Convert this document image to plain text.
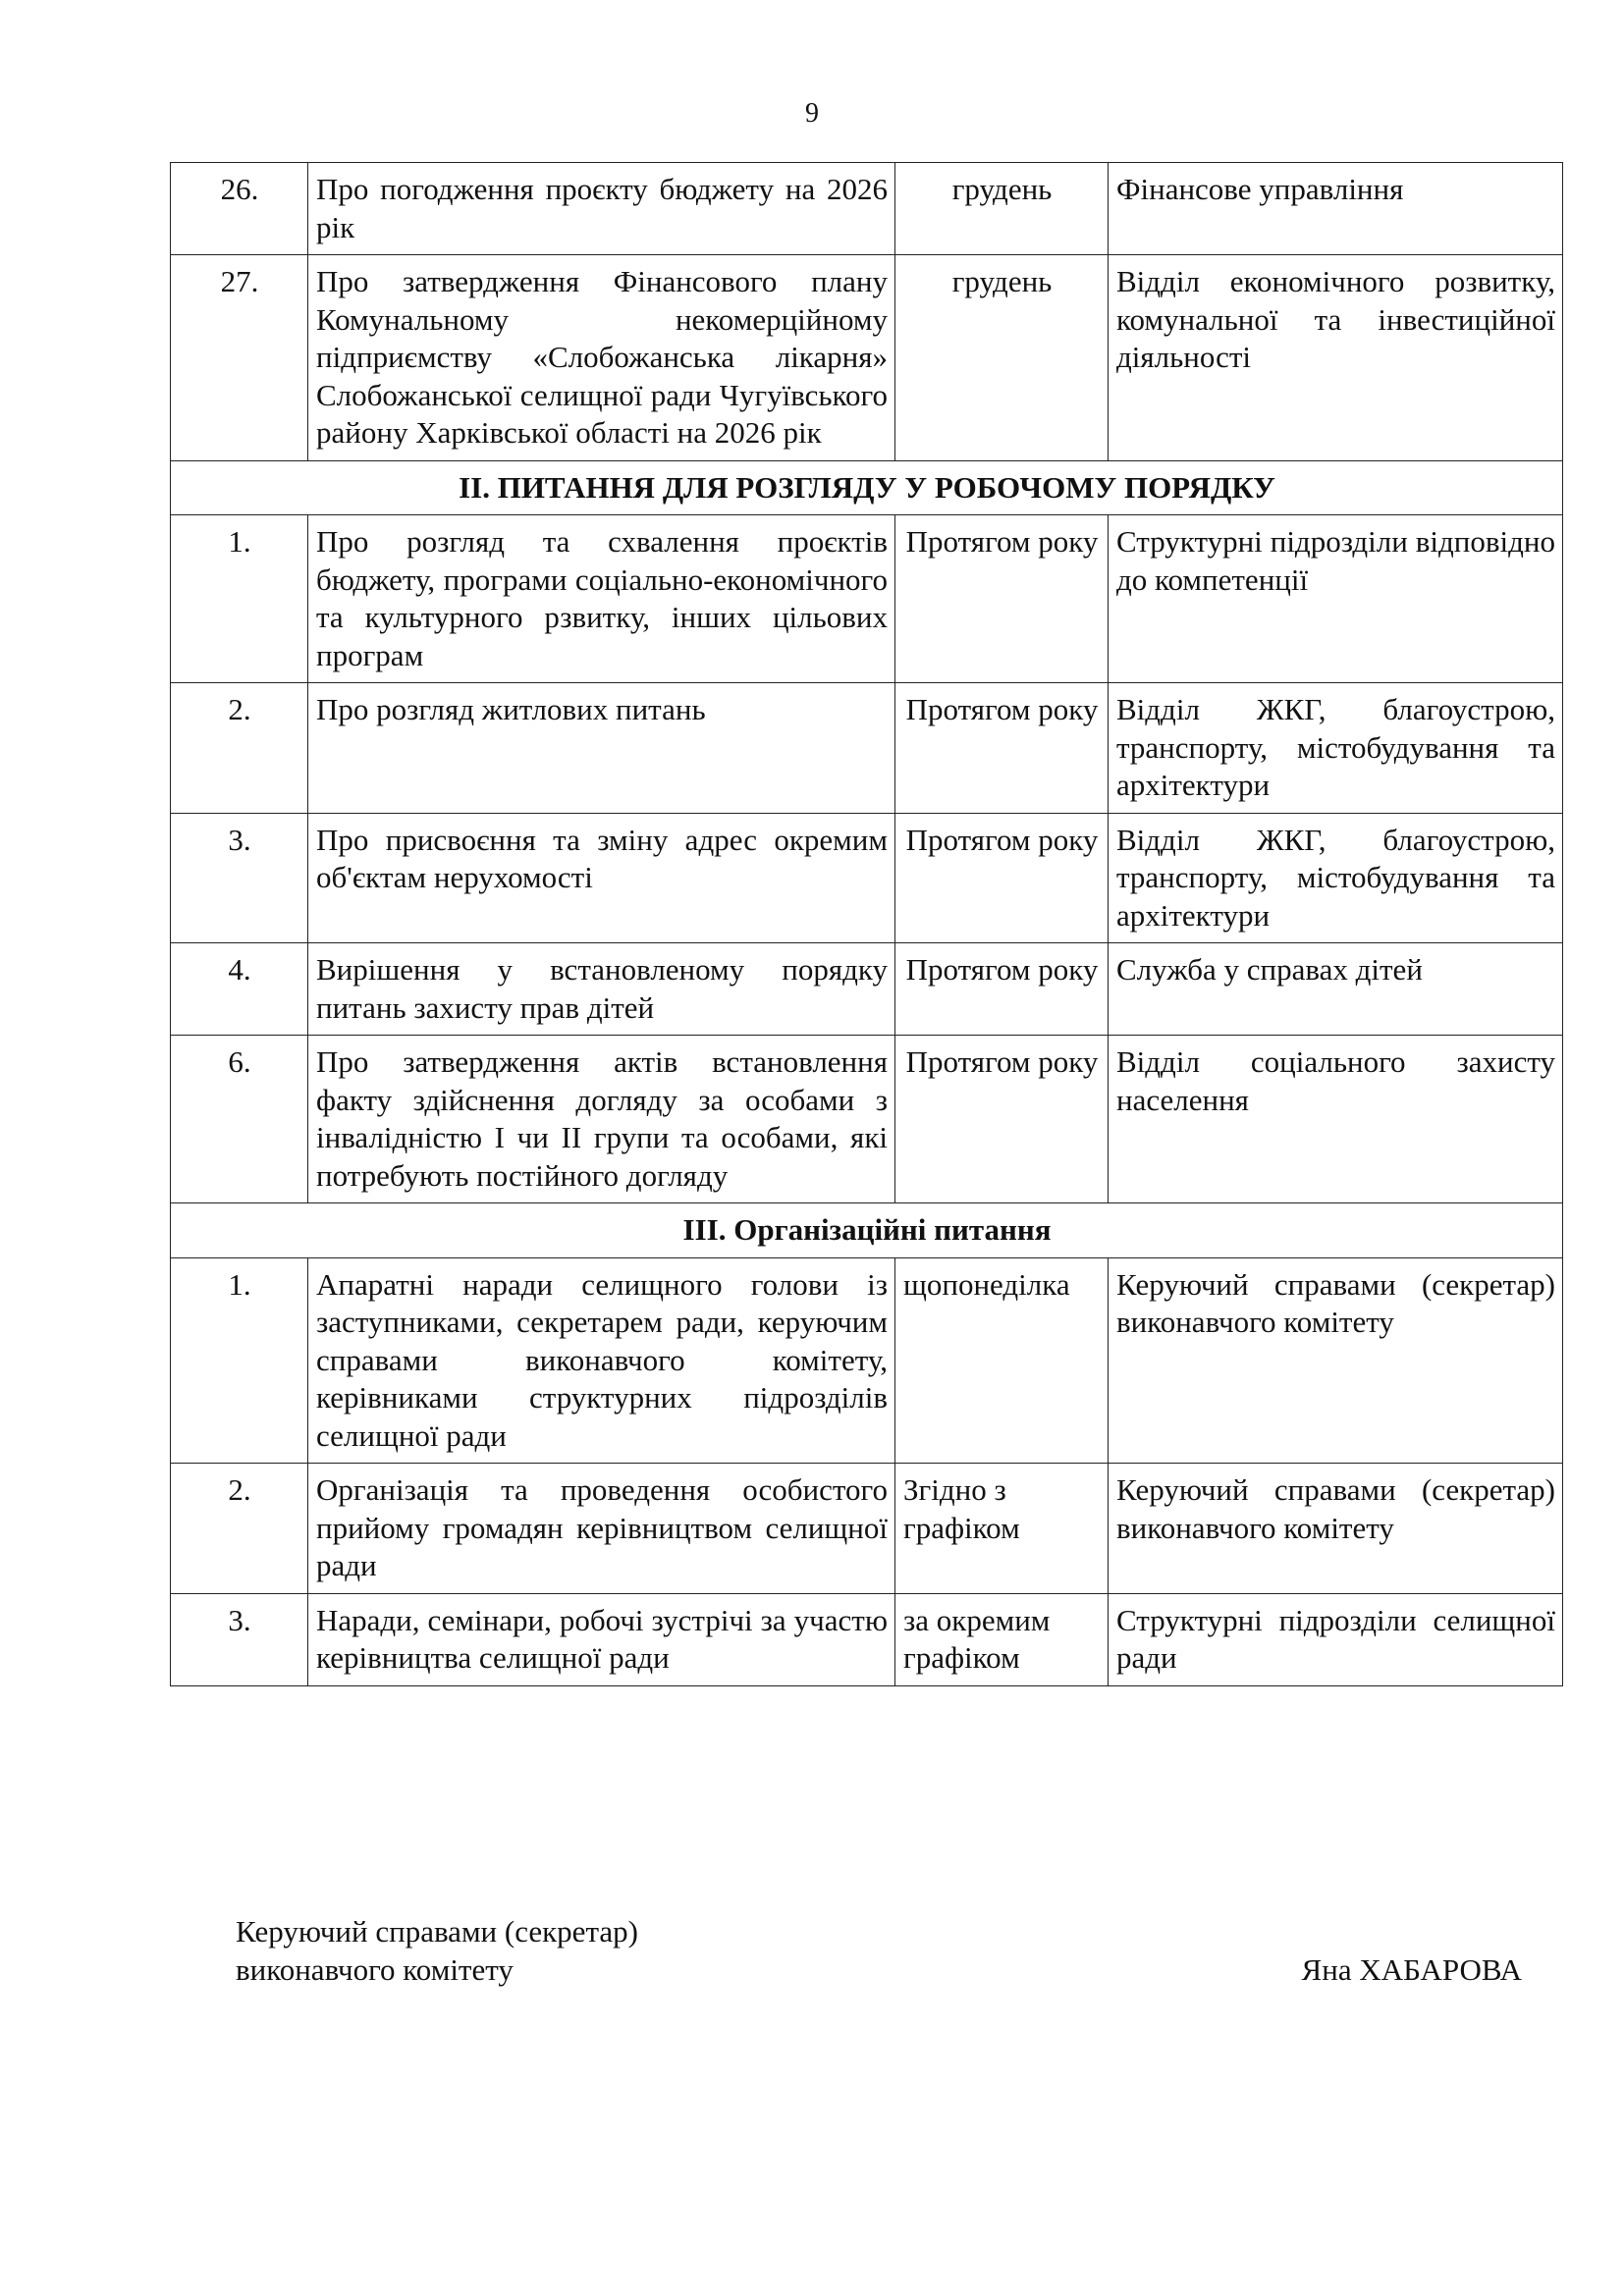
9
26.	Про погодження проєкту бюджету на 2026 рік	грудень	Фінансове управління
27.	Про затвердження Фінансового плану Комунальному некомерційному підприємству «Слобожанська лікарня» Слобожанської селищної ради Чугуївського району Харківської області на 2026 рік	грудень	Відділ економічного розвитку, комунальної та інвестиційної діяльності
ІІ. ПИТАННЯ ДЛЯ РОЗГЛЯДУ У РОБОЧОМУ ПОРЯДКУ			
1.	Про розгляд та схвалення проєктів бюджету, програми соціально-економічного та культурного рзвитку, інших цільових програм	Протягом року	Структурні підрозділи відповідно до компетенції
2.	Про розгляд житлових питань	Протягом року	Відділ ЖКГ, благоустрою, транспорту, містобудування та архітектури
3.	Про присвоєння та зміну адрес окремим об'єктам нерухомості	Протягом року	Відділ ЖКГ, благоустрою, транспорту, містобудування та архітектури
4.	Вирішення у встановленому порядку питань захисту прав дітей	Протягом року	Служба у справах дітей
6.	Про затвердження актів встановлення факту здійснення догляду за особами з інвалідністю І чи ІІ групи та особами, які потребують постійного догляду	Протягом року	Відділ соціального захисту населення
ІІІ. Організаційні питання			
1.	Апаратні наради селищного голови із заступниками, секретарем ради, керуючим справами виконавчого комітету, керівниками структурних підрозділів селищної ради	щопонеділка	Керуючий справами (секретар) виконавчого комітету
2.	Організація та проведення особистого прийому громадян керівництвом селищної ради	Згідно з графіком	Керуючий справами (секретар) виконавчого комітету
3.	Наради, семінари, робочі зустрічі за участю керівництва селищної ради	за окремим графіком	Структурні підрозділи селищної ради
Керуючий справами (секретар)
виконавчого комітету	Яна ХАБАРОВА
